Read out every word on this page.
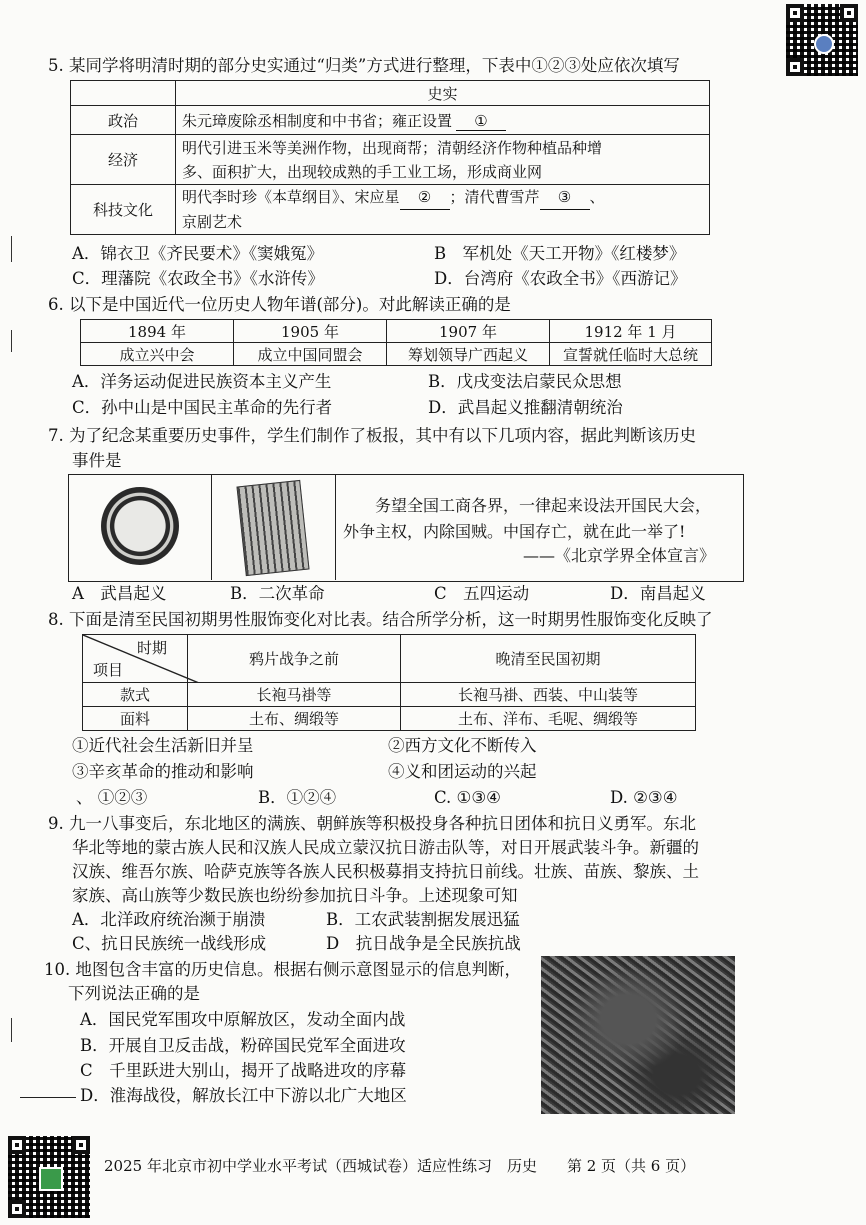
5. 某同学将明清时期的部分史实通过“归类”方式进行整理，下表中①②③处应依次填写
	史实
政治	朱元璋废除丞相制度和中书省；雍正设置 ①
经济	明代引进玉米等美洲作物，出现商帮；清朝经济作物种植品种增
多、面积扩大，出现较成熟的手工业工场，形成商业网

科技文化	明代李时珍《本草纲目》、宋应星 ② ；清代曹雪芹 ③ 、
京剧艺术
A．锦衣卫《齐民要术》《窦娥冤》	B　军机处《天工开物》《红楼梦》
C．理藩院《农政全书》《水浒传》	D．台湾府《农政全书》《西游记》
6. 以下是中国近代一位历史人物年谱(部分)。对此解读正确的是
1894 年	1905 年	1907 年	1912 年 1 月
成立兴中会	成立中国同盟会	筹划领导广西起义	宣誓就任临时大总统
A．洋务运动促进民族资本主义产生	B．戊戌变法启蒙民众思想
C．孙中山是中国民主革命的先行者	D．武昌起义推翻清朝统治
7. 为了纪念某重要历史事件，学生们制作了板报，其中有以下几项内容，据此判断该历史
事件是
务望全国工商各界，一律起来设法开国民大会，
外争主权，内除国贼。中国存亡，就在此一举了!
——《北京学界全体宣言》
A　武昌起义	B．二次革命	C　五四运动	D．南昌起义
8. 下面是清至民国初期男性服饰变化对比表。结合所学分析，这一时期男性服饰变化反映了
时期
项目	鸦片战争之前	晚清至民国初期
款式	长袍马褂等	长袍马褂、西装、中山装等
面料	土布、绸缎等	土布、洋布、毛呢、绸缎等
①近代社会生活新旧并呈	②西方文化不断传入
③辛亥革命的推动和影响	④义和团运动的兴起
、 ①②③	B．①②④	C. ①③④	D. ②③④
9. 九一八事变后，东北地区的满族、朝鲜族等积极投身各种抗日团体和抗日义勇军。东北
华北等地的蒙古族人民和汉族人民成立蒙汉抗日游击队等，对日开展武装斗争。新疆的
汉族、维吾尔族、哈萨克族等各族人民积极募捐支持抗日前线。壮族、苗族、黎族、土
家族、高山族等少数民族也纷纷参加抗日斗争。上述现象可知
A．北洋政府统治濒于崩溃	B．工农武装割据发展迅猛
C、抗日民族统一战线形成	D　抗日战争是全民族抗战
10. 地图包含丰富的历史信息。根据右侧示意图显示的信息判断，
下列说法正确的是
A．国民党军围攻中原解放区，发动全面内战
B．开展自卫反击战，粉碎国民党军全面进攻
C　千里跃进大别山，揭开了战略进攻的序幕
D．淮海战役，解放长江中下游以北广大地区
2025 年北京市初中学业水平考试（西城试卷）适应性练习　历史　　第 2 页（共 6 页）
